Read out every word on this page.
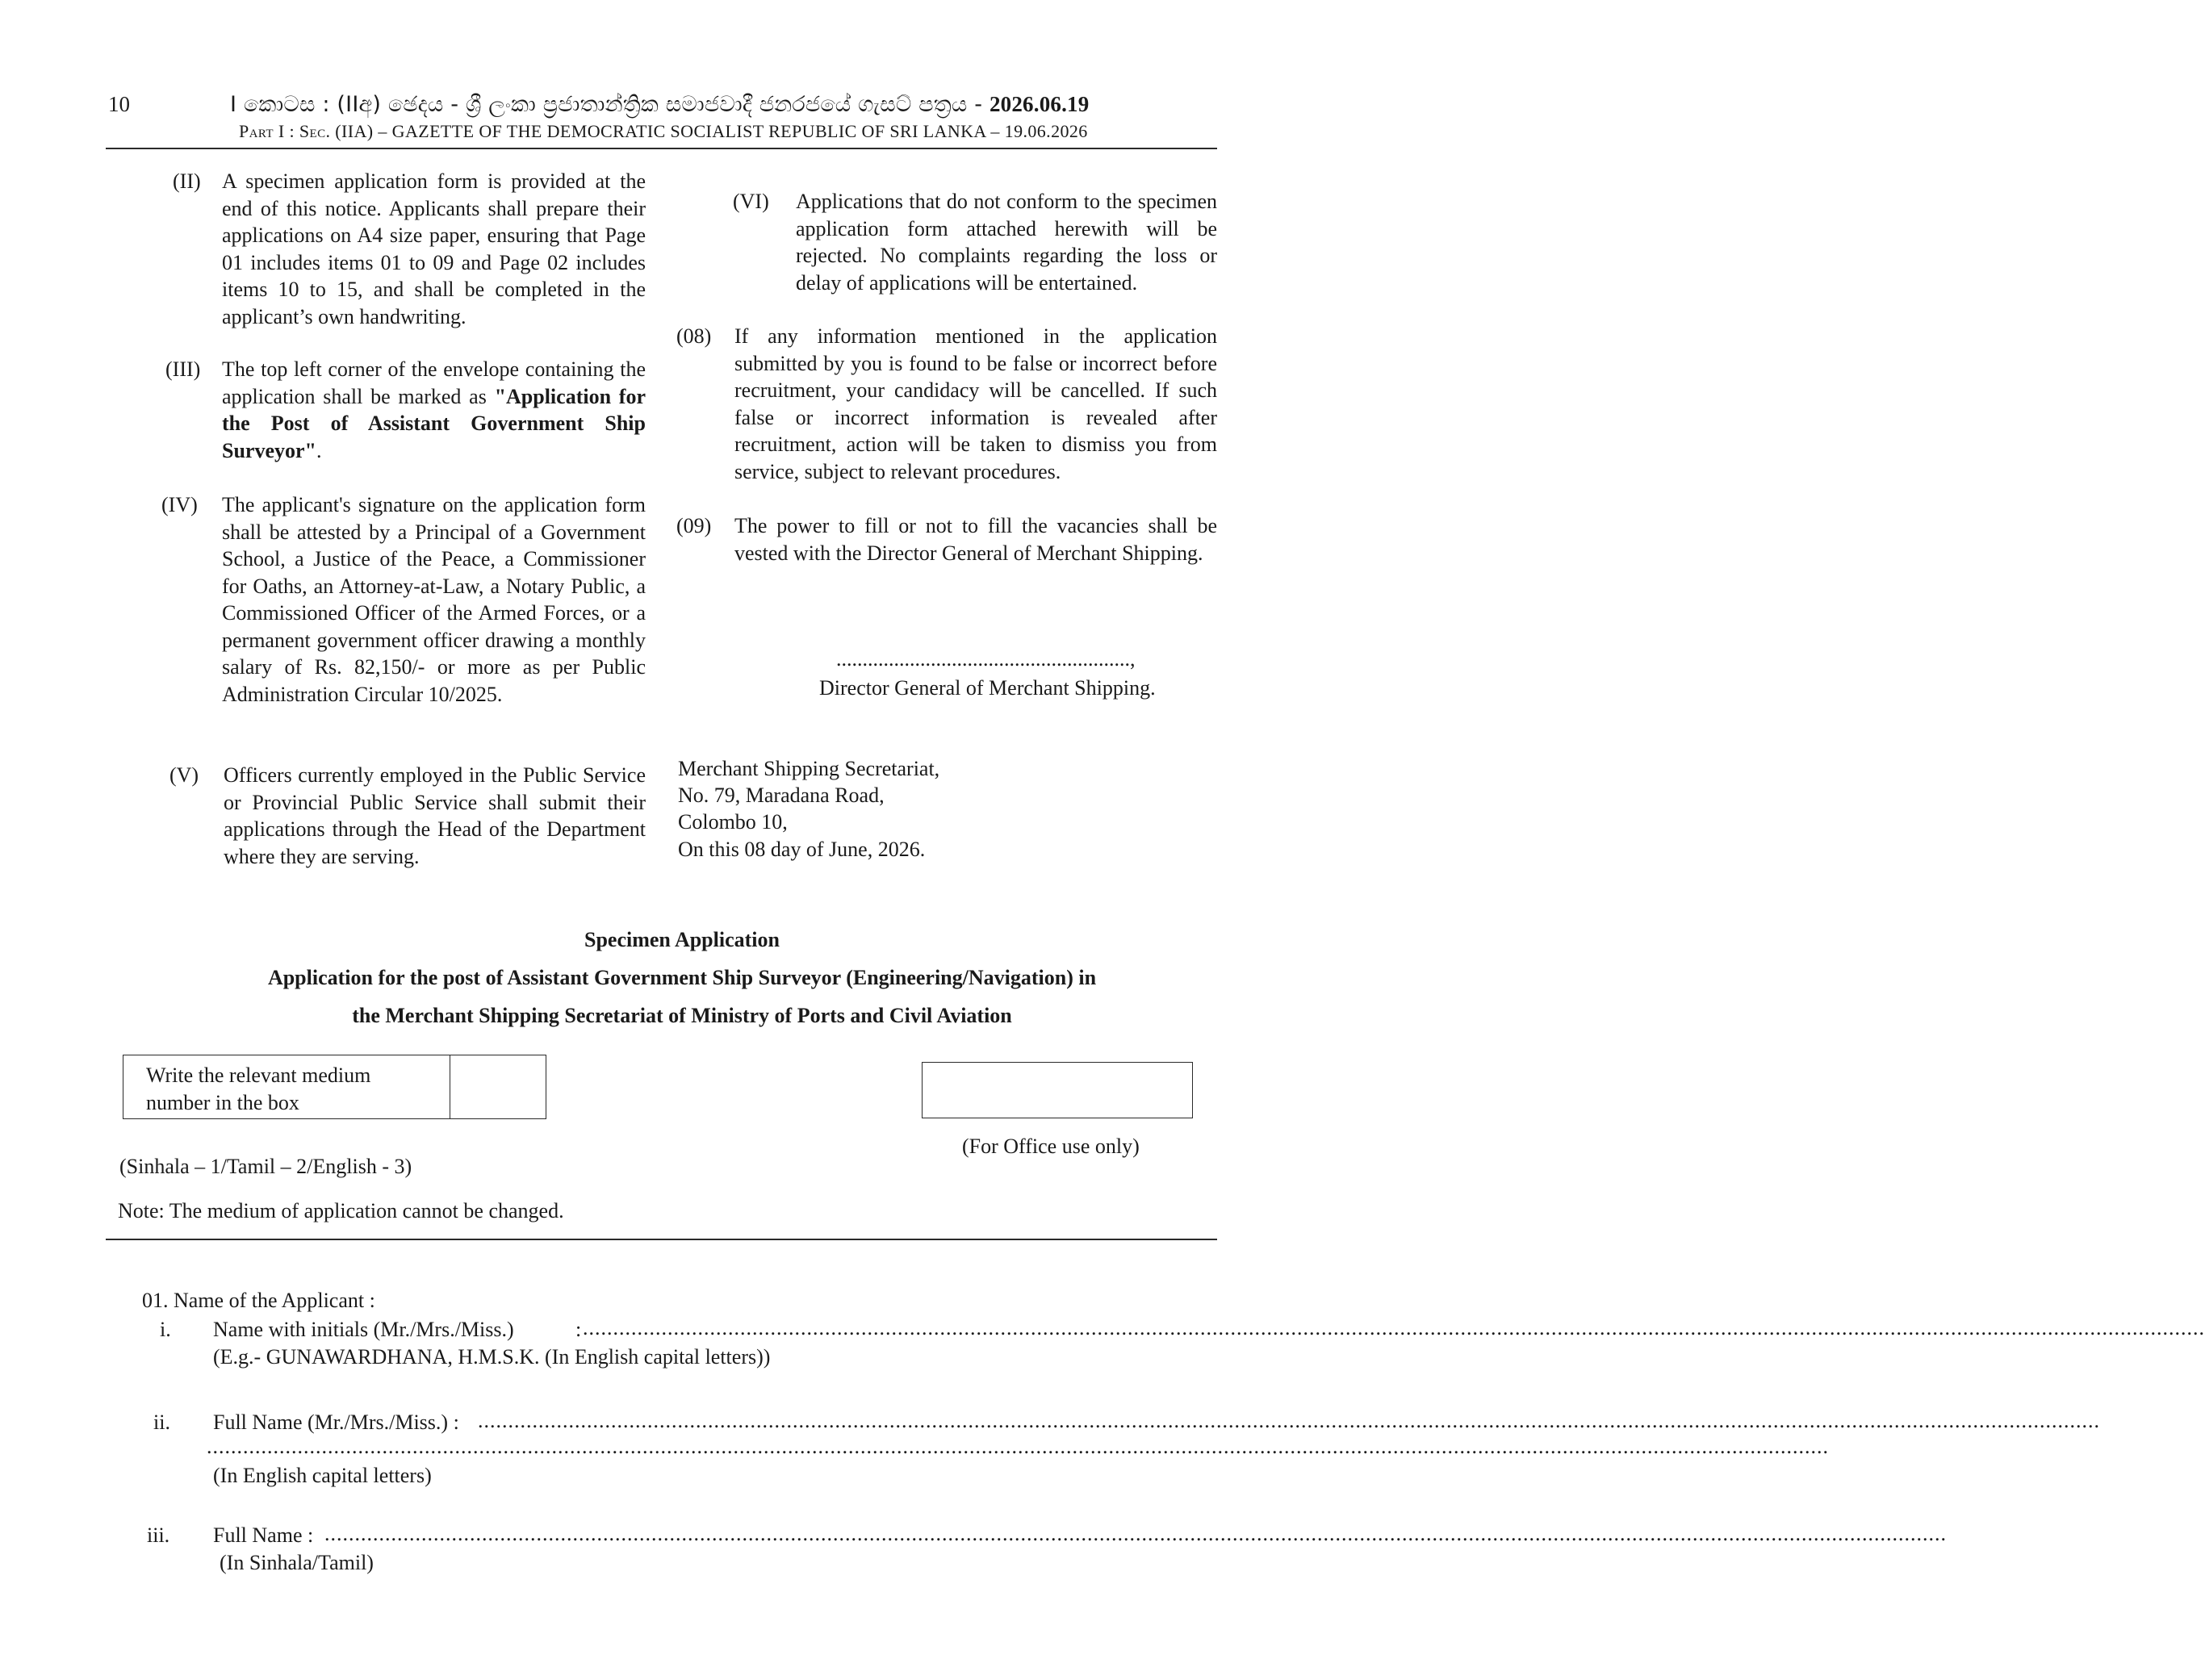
10	I කොටස : (IIඅ) ඡෙදය - ශ්‍රී ලංකා ප්‍රජාතාන්ත්‍රික සමාජවාදී ජනරජයේ ගැසට් පත්‍රය - 2026.06.19
Part I : Sec. (IIA) – GAZETTE OF THE DEMOCRATIC SOCIALIST REPUBLIC OF SRI LANKA – 19.06.2026
(II) A specimen application form is provided at the end of this notice. Applicants shall prepare their applications on A4 size paper, ensuring that Page 01 includes items 01 to 09 and Page 02 includes items 10 to 15, and shall be completed in the applicant’s own handwriting.
(III) The top left corner of the envelope containing the application shall be marked as "Application for the Post of Assistant Government Ship Surveyor".
(IV) The applicant's signature on the application form shall be attested by a Principal of a Government School, a Justice of the Peace, a Commissioner for Oaths, an Attorney-at-Law, a Notary Public, a Commissioned Officer of the Armed Forces, or a permanent government officer drawing a monthly salary of Rs. 82,150/- or more as per Public Administration Circular 10/2025.
(V) Officers currently employed in the Public Service or Provincial Public Service shall submit their applications through the Head of the Department where they are serving.
(VI) Applications that do not conform to the specimen application form attached herewith will be rejected. No complaints regarding the loss or delay of applications will be entertained.
(08) If any information mentioned in the application submitted by you is found to be false or incorrect before recruitment, your candidacy will be cancelled. If such false or incorrect information is revealed after recruitment, action will be taken to dismiss you from service, subject to relevant procedures.
(09) The power to fill or not to fill the vacancies shall be vested with the Director General of Merchant Shipping.
........................................................,
Director General of Merchant Shipping.
Merchant Shipping Secretariat,
No. 79, Maradana Road,
Colombo 10,
On this 08 day of June, 2026.
Specimen Application
Application for the post of Assistant Government Ship Surveyor (Engineering/Navigation) in
the Merchant Shipping Secretariat of Ministry of Ports and Civil Aviation
Write the relevant medium
number in the box
(For Office use only)
(Sinhala – 1/Tamil – 2/English - 3)
Note: The medium of application cannot be changed.
01. Name of the Applicant :
i. Name with initials (Mr./Mrs./Miss.)	: ............................................................................................................................................................................................................................................................................
(E.g.- GUNAWARDHANA, H.M.S.K. (In English capital letters))
ii. Full Name (Mr./Mrs./Miss.) : ............................................................................................................................................................................................................................................................................
............................................................................................................................................................................................................................................................................
(In English capital letters)
iii. Full Name : ............................................................................................................................................................................................................................................................................
(In Sinhala/Tamil)
